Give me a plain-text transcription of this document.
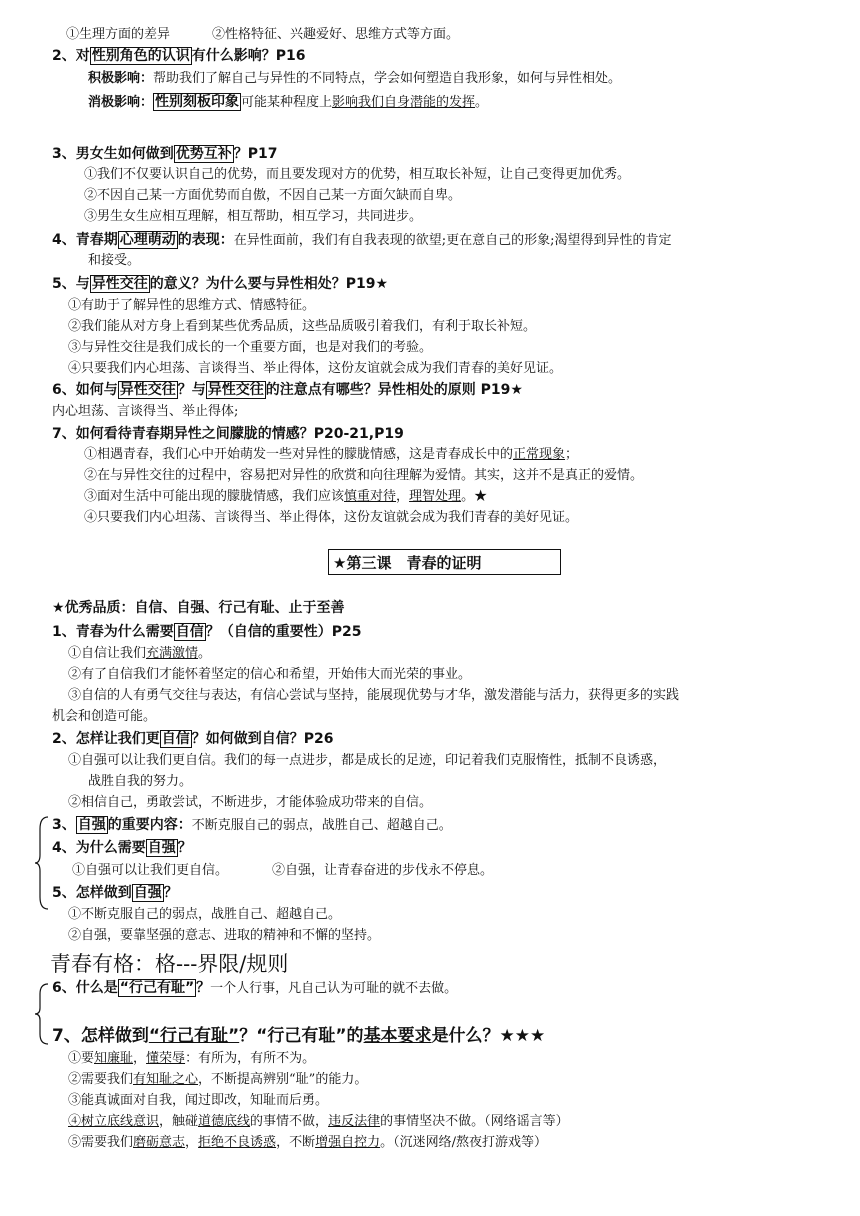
①生理方面的差异	②性格特征、兴趣爱好、思维方式等方面。
2、对 性别角色的认识 有什么影响？P16
积极影响：帮助我们了解自己与异性的不同特点，学会如何塑造自我形象，如何与异性相处。
消极影响： 性别刻板印象 可能某种程度上影响我们自身潜能的发挥。
3、男女生如何做到 优势互补 ？P17
①我们不仅要认识自己的优势，而且要发现对方的优势，相互取长补短，让自己变得更加优秀。
②不因自己某一方面优势而自傲，不因自己某一方面欠缺而自卑。
③男生女生应相互理解，相互帮助，相互学习，共同进步。
4、青春期 心理萌动 的表现：在异性面前，我们有自我表现的欲望;更在意自己的形象;渴望得到异性的肯定
和接受。
5、与 异性交往 的意义？为什么要与异性相处？P19★
①有助于了解异性的思维方式、情感特征。
②我们能从对方身上看到某些优秀品质，这些品质吸引着我们，有利于取长补短。
③与异性交往是我们成长的一个重要方面，也是对我们的考验。
④只要我们内心坦荡、言谈得当、举止得体，这份友谊就会成为我们青春的美好见证。
6、如何与 异性交往 ？与 异性交往 的注意点有哪些？异性相处的原则 P19★
内心坦荡、言谈得当、举止得体;
7、如何看待青春期异性之间朦胧的情感？P20-21,P19
①相遇青春，我们心中开始萌发一些对异性的朦胧情感，这是青春成长中的正常现象；
②在与异性交往的过程中，容易把对异性的欣赏和向往理解为爱情。其实，这并不是真正的爱情。
③面对生活中可能出现的朦胧情感，我们应该慎重对待，理智处理。★
④只要我们内心坦荡、言谈得当、举止得体，这份友谊就会成为我们青春的美好见证。
★第三课　青春的证明
★优秀品质：自信、自强、行己有耻、止于至善
1、青春为什么需要 自信 ？（自信的重要性）P25
①自信让我们充满激情。
②有了自信我们才能怀着坚定的信心和希望，开始伟大而光荣的事业。
③自信的人有勇气交往与表达，有信心尝试与坚持，能展现优势与才华，激发潜能与活力，获得更多的实践
机会和创造可能。
2、怎样让我们更 自信 ？如何做到自信？P26
①自强可以让我们更自信。我们的每一点进步，都是成长的足迹，印记着我们克服惰性，抵制不良诱惑，
战胜自我的努力。
②相信自己，勇敢尝试，不断进步，才能体验成功带来的自信。
3、 自强 的重要内容：不断克服自己的弱点，战胜自己、超越自己。
4、为什么需要 自强 ？
①自强可以让我们更自信。	②自强，让青春奋进的步伐永不停息。
5、怎样做到 自强 ？
①不断克服自己的弱点，战胜自己、超越自己。
②自强，要靠坚强的意志、进取的精神和不懈的坚持。
青春有格：格---界限/规则
6、什么是 “行己有耻” ？一个人行事，凡自己认为可耻的就不去做。
7、怎样做到“行己有耻”？“行己有耻”的基本要求是什么？★★★
①要知廉耻，懂荣辱：有所为，有所不为。
②需要我们有知耻之心，不断提高辨别“耻”的能力。
③能真诚面对自我，闻过即改，知耻而后勇。
④树立底线意识，触碰道德底线的事情不做，违反法律的事情坚决不做。（网络谣言等）
⑤需要我们磨砺意志，拒绝不良诱惑，不断增强自控力。（沉迷网络/熬夜打游戏等）
